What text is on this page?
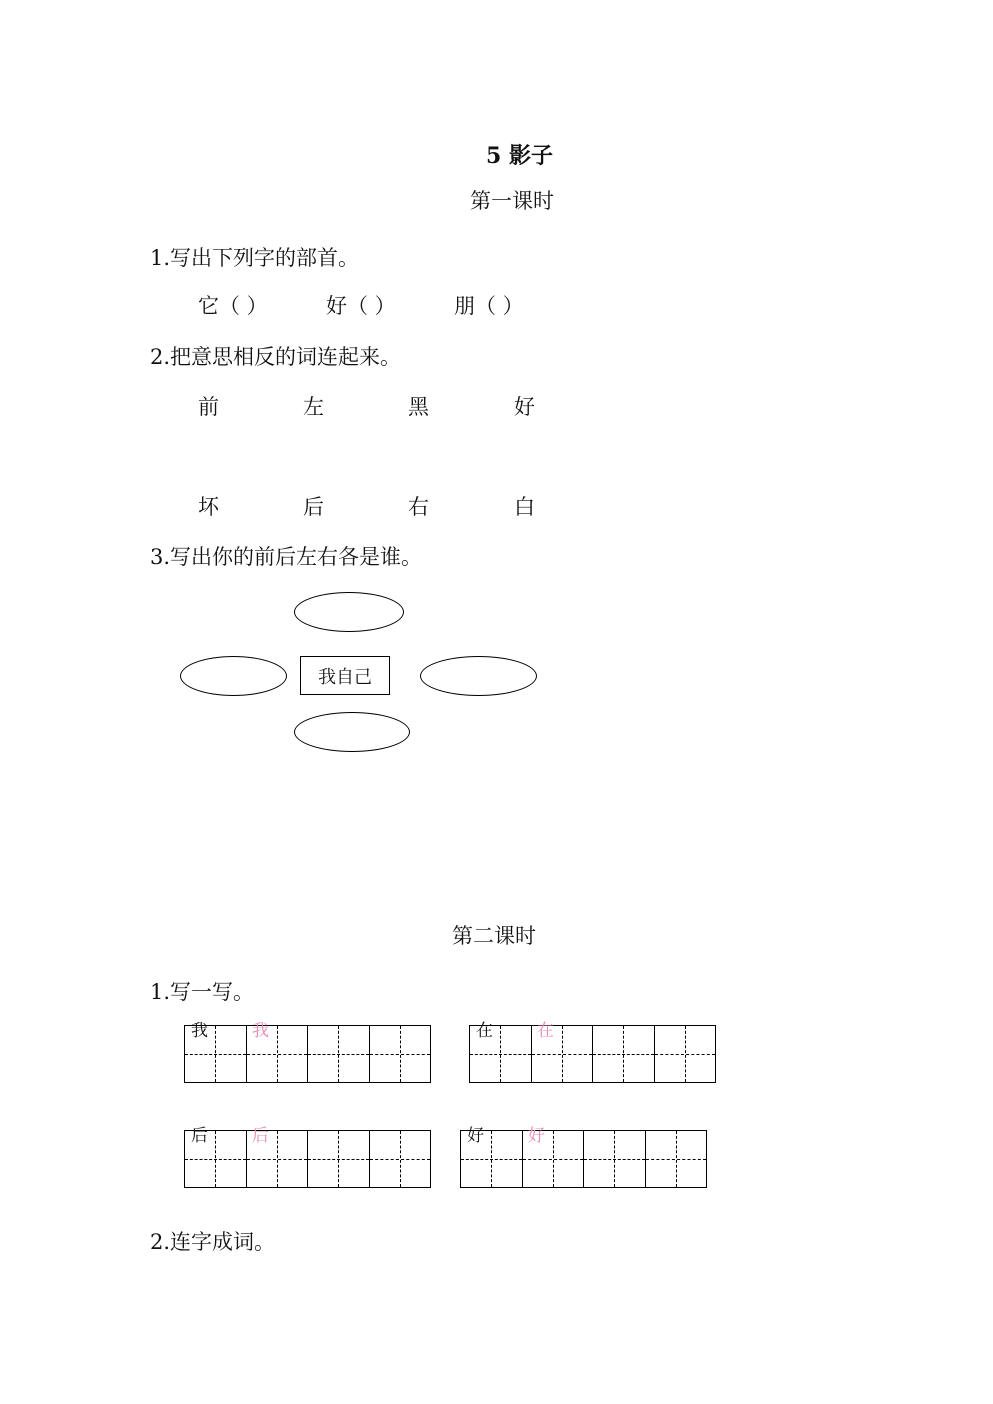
5 影子
第一课时
1.写出下列字的部首。
它（ ）	好（ ）	朋（ ）
2.把意思相反的词连起来。
前	左	黑	好
坏	后	右	白
3.写出你的前后左右各是谁。
我自己
第二课时
1.写一写。
我	我	在	在
后	后	好	好
2.连字成词。
